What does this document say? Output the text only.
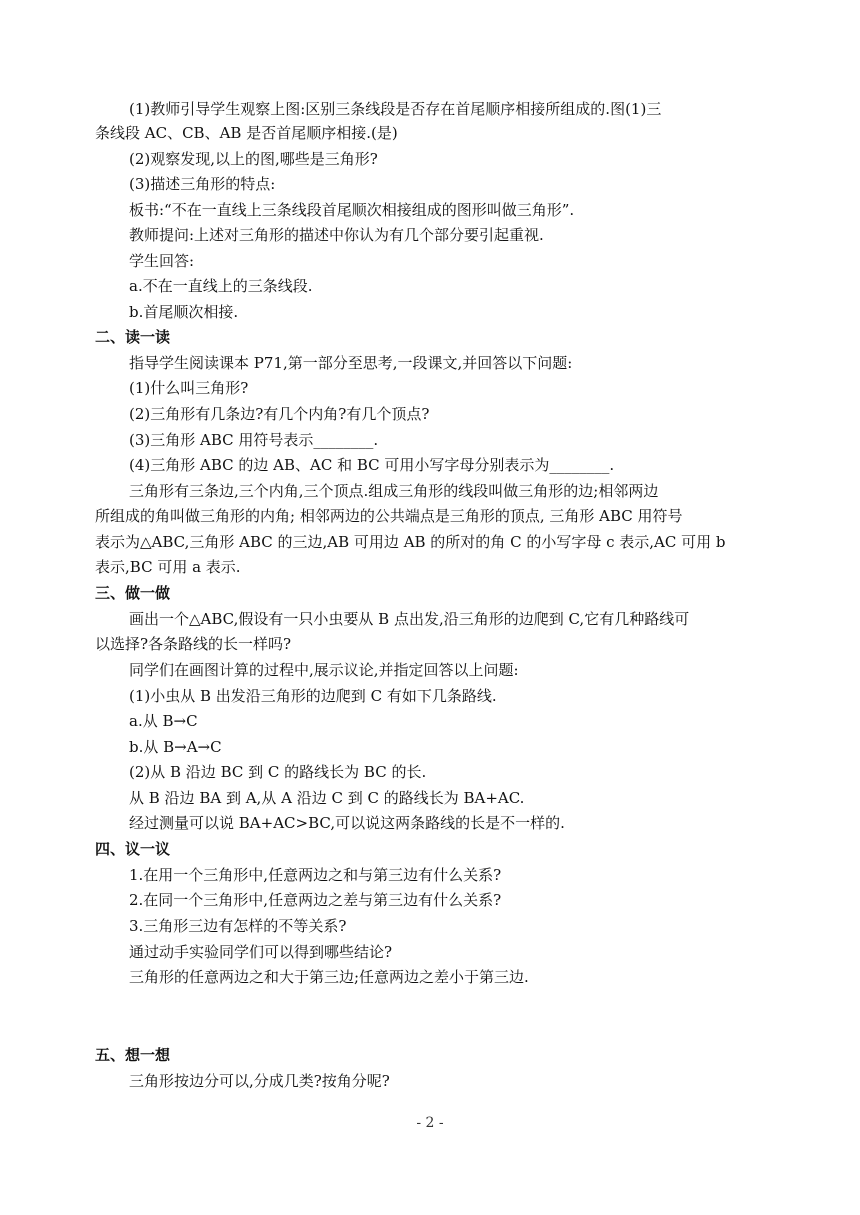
(1)教师引导学生观察上图:区别三条线段是否存在首尾顺序相接所组成的.图(1)三
条线段 AC、CB、AB 是否首尾顺序相接.(是)
(2)观察发现,以上的图,哪些是三角形?
(3)描述三角形的特点:
板书:“不在一直线上三条线段首尾顺次相接组成的图形叫做三角形”.
教师提问:上述对三角形的描述中你认为有几个部分要引起重视.
学生回答:
a.不在一直线上的三条线段.
b.首尾顺次相接.
二、读一读
指导学生阅读课本 P71,第一部分至思考,一段课文,并回答以下问题:
(1)什么叫三角形?
(2)三角形有几条边?有几个内角?有几个顶点?
(3)三角形 ABC 用符号表示________.
(4)三角形 ABC 的边 AB、AC 和 BC 可用小写字母分别表示为________.
三角形有三条边,三个内角,三个顶点.组成三角形的线段叫做三角形的边;相邻两边
所组成的角叫做三角形的内角; 相邻两边的公共端点是三角形的顶点, 三角形 ABC 用符号
表示为△ABC,三角形 ABC 的三边,AB 可用边 AB 的所对的角 C 的小写字母 c 表示,AC 可用 b
表示,BC 可用 a 表示.
三、做一做
画出一个△ABC,假设有一只小虫要从 B 点出发,沿三角形的边爬到 C,它有几种路线可
以选择?各条路线的长一样吗?
同学们在画图计算的过程中,展示议论,并指定回答以上问题:
(1)小虫从 B 出发沿三角形的边爬到 C 有如下几条路线.
a.从 B→C
b.从 B→A→C
(2)从 B 沿边 BC 到 C 的路线长为 BC 的长.
从 B 沿边 BA 到 A,从 A 沿边 C 到 C 的路线长为 BA+AC.
经过测量可以说 BA+AC>BC,可以说这两条路线的长是不一样的.
四、议一议
1.在用一个三角形中,任意两边之和与第三边有什么关系?
2.在同一个三角形中,任意两边之差与第三边有什么关系?
3.三角形三边有怎样的不等关系?
通过动手实验同学们可以得到哪些结论?
三角形的任意两边之和大于第三边;任意两边之差小于第三边.
五、想一想
三角形按边分可以,分成几类?按角分呢?
- 2 -
